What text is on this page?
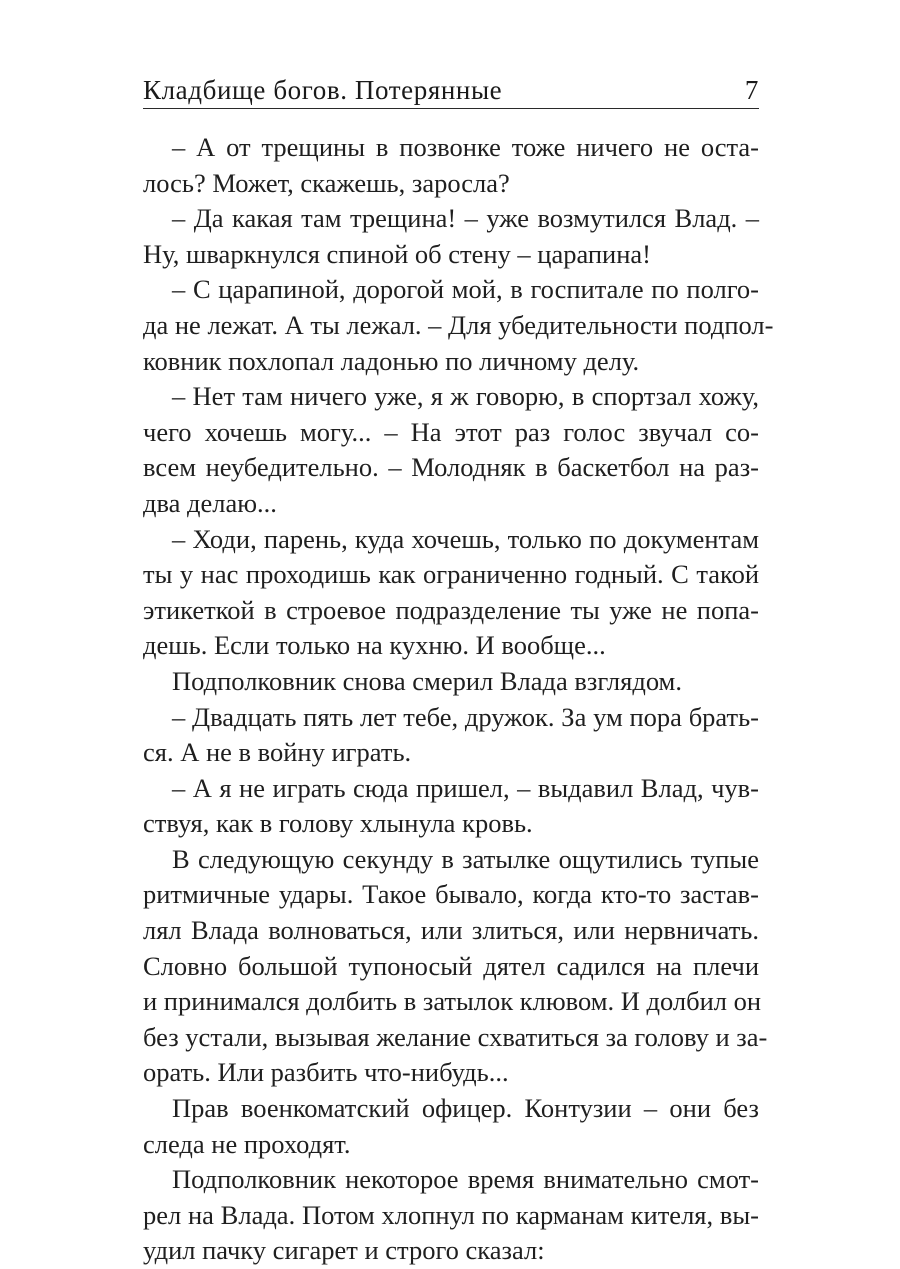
Кладбище богов. Потерянные	7

– А от трещины в позвонке тоже ничего не оста-
лось? Может, скажешь, заросла?

– Да какая там трещина! – уже возмутился Влад. –
Ну, шваркнулся спиной об стену – царапина!

– С царапиной, дорогой мой, в госпитале по полго-
да не лежат. А ты лежал. – Для убедительности подпол-
ковник похлопал ладонью по личному делу.

– Нет там ничего уже, я ж говорю, в спортзал хожу,
чего хочешь могу... – На этот раз голос звучал со-
всем неубедительно. – Молодняк в баскетбол на раз-
два делаю...

– Ходи, парень, куда хочешь, только по документам
ты у нас проходишь как ограниченно годный. С такой
этикеткой в строевое подразделение ты уже не попа-
дешь. Если только на кухню. И вообще...

Подполковник снова смерил Влада взглядом.

– Двадцать пять лет тебе, дружок. За ум пора брать-
ся. А не в войну играть.

– А я не играть сюда пришел, – выдавил Влад, чув-
ствуя, как в голову хлынула кровь.

В следующую секунду в затылке ощутились тупые
ритмичные удары. Такое бывало, когда кто-то застав-
лял Влада волноваться, или злиться, или нервничать.
Словно большой тупоносый дятел садился на плечи
и принимался долбить в затылок клювом. И долбил он
без устали, вызывая желание схватиться за голову и за-
орать. Или разбить что-нибудь...

Прав военкоматский офицер. Контузии – они без
следа не проходят.

Подполковник некоторое время внимательно смот-
рел на Влада. Потом хлопнул по карманам кителя, вы-
удил пачку сигарет и строго сказал:
